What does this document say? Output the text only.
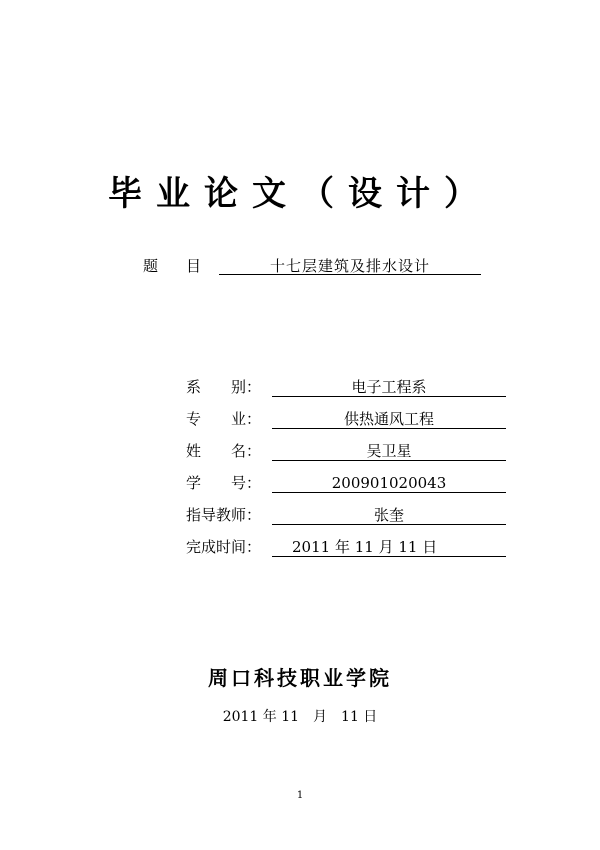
毕业论文（设计）
题目	十七层建筑及排水设计
系　　别：	电子工程系
专　　业：	供热通风工程
姓　　名：	吴卫星
学　　号：	200901020043
指导教师：	张奎
完成时间：	2011 年 11 月 11 日
周口科技职业学院
2011 年 11　月　11 日
1
